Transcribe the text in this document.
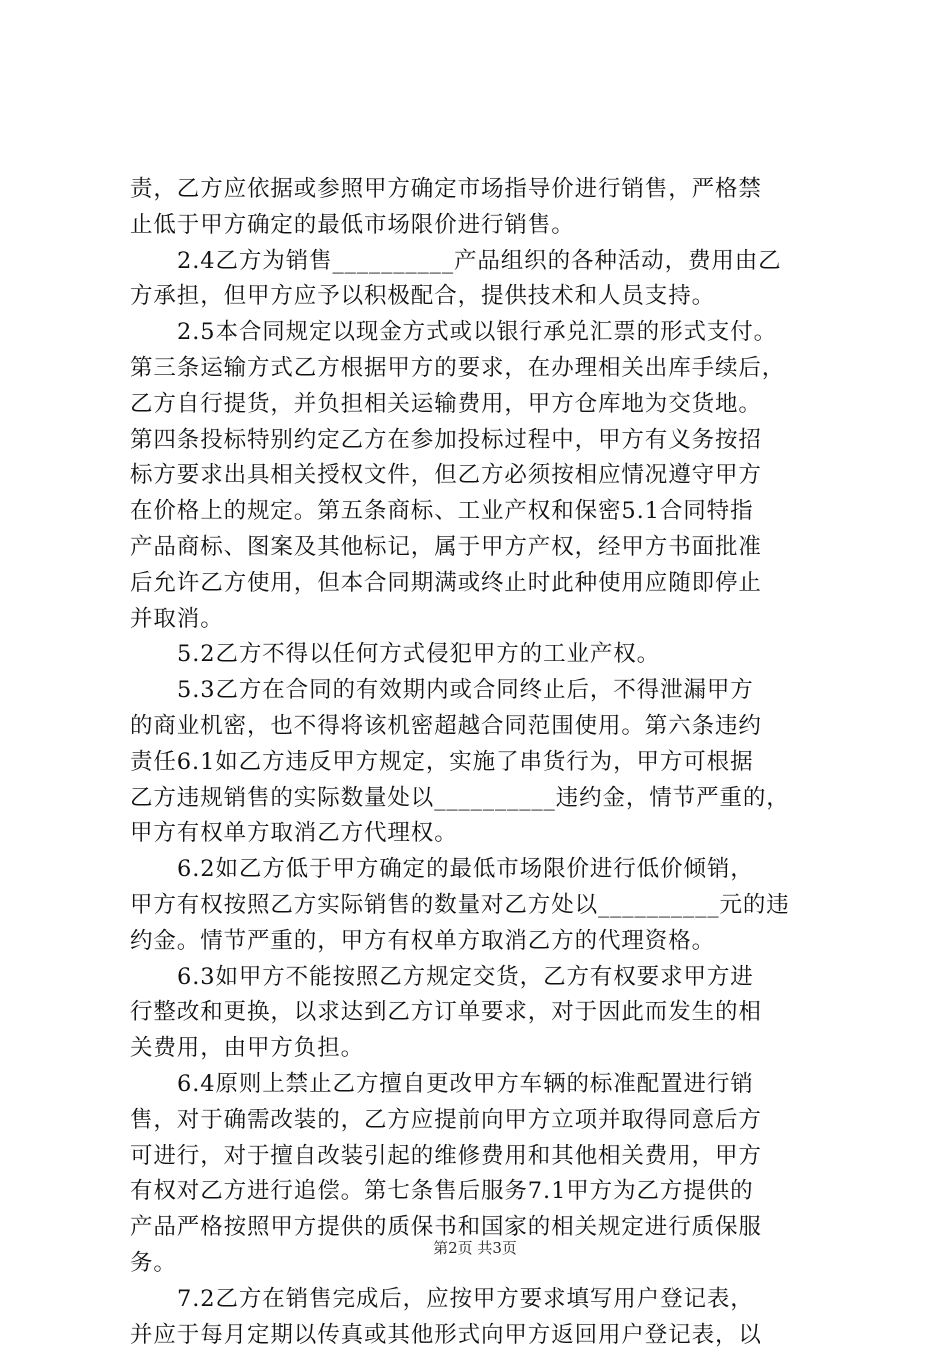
责，乙方应依据或参照甲方确定市场指导价进行销售，严格禁
止低于甲方确定的最低市场限价进行销售。
2.4乙方为销售__________产品组织的各种活动，费用由乙
方承担，但甲方应予以积极配合，提供技术和人员支持。
2.5本合同规定以现金方式或以银行承兑汇票的形式支付。
第三条运输方式乙方根据甲方的要求，在办理相关出库手续后，
乙方自行提货，并负担相关运输费用，甲方仓库地为交货地。
第四条投标特别约定乙方在参加投标过程中，甲方有义务按招
标方要求出具相关授权文件，但乙方必须按相应情况遵守甲方
在价格上的规定。第五条商标、工业产权和保密5.1合同特指
产品商标、图案及其他标记，属于甲方产权，经甲方书面批准
后允许乙方使用，但本合同期满或终止时此种使用应随即停止
并取消。
5.2乙方不得以任何方式侵犯甲方的工业产权。
5.3乙方在合同的有效期内或合同终止后，不得泄漏甲方
的商业机密，也不得将该机密超越合同范围使用。第六条违约
责任6.1如乙方违反甲方规定，实施了串货行为，甲方可根据
乙方违规销售的实际数量处以__________违约金，情节严重的，
甲方有权单方取消乙方代理权。
6.2如乙方低于甲方确定的最低市场限价进行低价倾销，
甲方有权按照乙方实际销售的数量对乙方处以__________元的违
约金。情节严重的，甲方有权单方取消乙方的代理资格。
6.3如甲方不能按照乙方规定交货，乙方有权要求甲方进
行整改和更换，以求达到乙方订单要求，对于因此而发生的相
关费用，由甲方负担。
6.4原则上禁止乙方擅自更改甲方车辆的标准配置进行销
售，对于确需改装的，乙方应提前向甲方立项并取得同意后方
可进行，对于擅自改装引起的维修费用和其他相关费用，甲方
有权对乙方进行追偿。第七条售后服务7.1甲方为乙方提供的
产品严格按照甲方提供的质保书和国家的相关规定进行质保服
务。
7.2乙方在销售完成后，应按甲方要求填写用户登记表，
并应于每月定期以传真或其他形式向甲方返回用户登记表，以
第2页 共3页
